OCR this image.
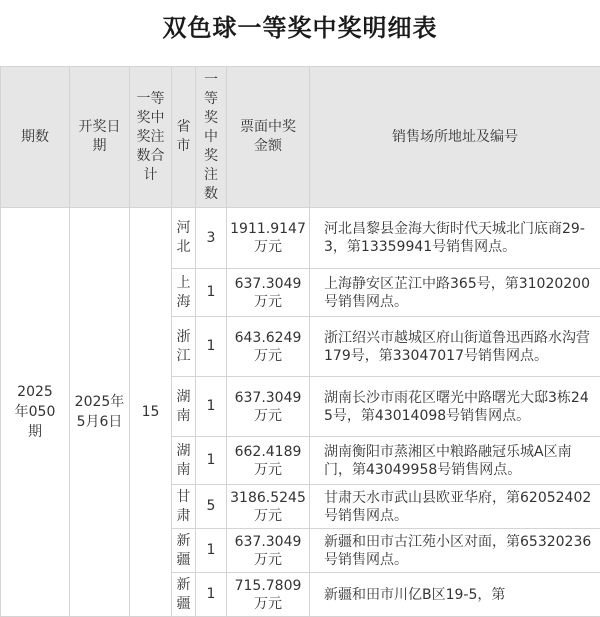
双色球一等奖中奖明细表
期数	开奖日期	一等奖中奖注数合计	省市	一等奖中奖注数	票面中奖金额	销售场所地址及编号
2025年050期	2025年5月6日	15	河北	3	1911.9147万元	河北昌黎县金海大街时代天城北门底商29-3，第13359941号销售网点。
			上海	1	637.3049万元	上海静安区芷江中路365号，第31020200号销售网点。
			浙江	1	643.6249万元	浙江绍兴市越城区府山街道鲁迅西路水沟营179号，第33047017号销售网点。
			湖南	1	637.3049万元	湖南长沙市雨花区曙光中路曙光大邸3栋245号，第43014098号销售网点。
			湖南	1	662.4189万元	湖南衡阳市蒸湘区中粮路融冠乐城A区南门，第43049958号销售网点。
			甘肃	5	3186.5245万元	甘肃天水市武山县欧亚华府，第62052402号销售网点。
			新疆	1	637.3049万元	新疆和田市古江苑小区对面，第65320236号销售网点。
			新疆	1	715.7809万元	新疆和田市川亿B区19-5，第
